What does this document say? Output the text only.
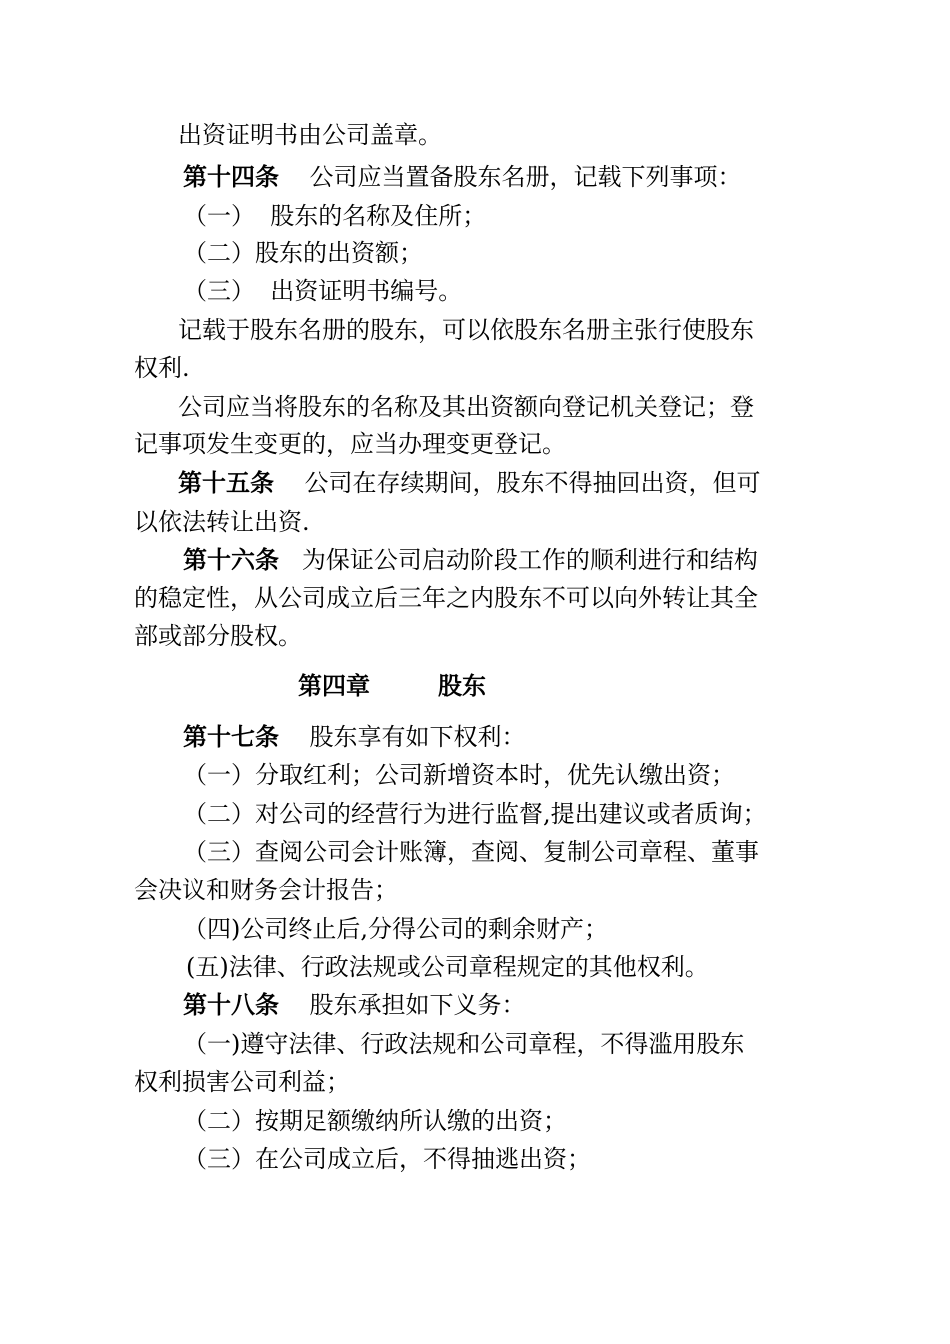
出资证明书由公司盖章。
第十四条 公司应当置备股东名册，记载下列事项：
（一）  股东的名称及住所；
（二）股东的出资额；
（三）  出资证明书编号。
记载于股东名册的股东，可以依股东名册主张行使股东
权利.
公司应当将股东的名称及其出资额向登记机关登记；登
记事项发生变更的，应当办理变更登记。
第十五条 公司在存续期间，股东不得抽回出资，但可
以依法转让出资.
第十六条 为保证公司启动阶段工作的顺利进行和结构
的稳定性，从公司成立后三年之内股东不可以向外转让其全
部或部分股权。
第四章	股东
第十七条 股东享有如下权利：
（一）分取红利；公司新增资本时，优先认缴出资；
（二）对公司的经营行为进行监督,提出建议或者质询；
（三）查阅公司会计账簿，查阅、复制公司章程、董事
会决议和财务会计报告；
（四)公司终止后,分得公司的剩余财产；
(五)法律、行政法规或公司章程规定的其他权利。
第十八条 股东承担如下义务：
（一)遵守法律、行政法规和公司章程，不得滥用股东
权利损害公司利益；
（二）按期足额缴纳所认缴的出资；
（三）在公司成立后，不得抽逃出资；
